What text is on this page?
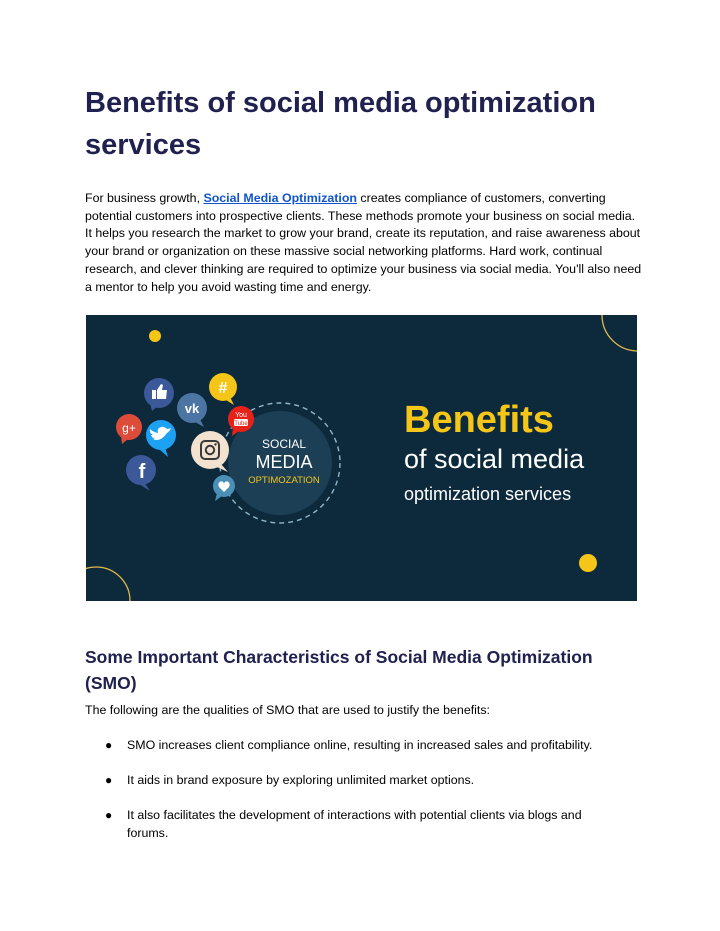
Benefits of social media optimization services

For business growth, Social Media Optimization creates compliance of customers, converting potential customers into prospective clients. These methods promote your business on social media. It helps you research the market to grow your brand, create its reputation, and raise awareness about your brand or organization on these massive social networking platforms. Hard work, continual research, and clever thinking are required to optimize your business via social media. You'll also need a mentor to help you avoid wasting time and energy.

SOCIAL
MEDIA
OPTIMOZATION
#
vk
g+
You
Tube
f
Benefits
of social media
optimization services
Some Important Characteristics of Social Media Optimization (SMO)

The following are the qualities of SMO that are used to justify the benefits:

● SMO increases client compliance online, resulting in increased sales and profitability.
● It aids in brand exposure by exploring unlimited market options.
● It also facilitates the development of interactions with potential clients via blogs and forums.
